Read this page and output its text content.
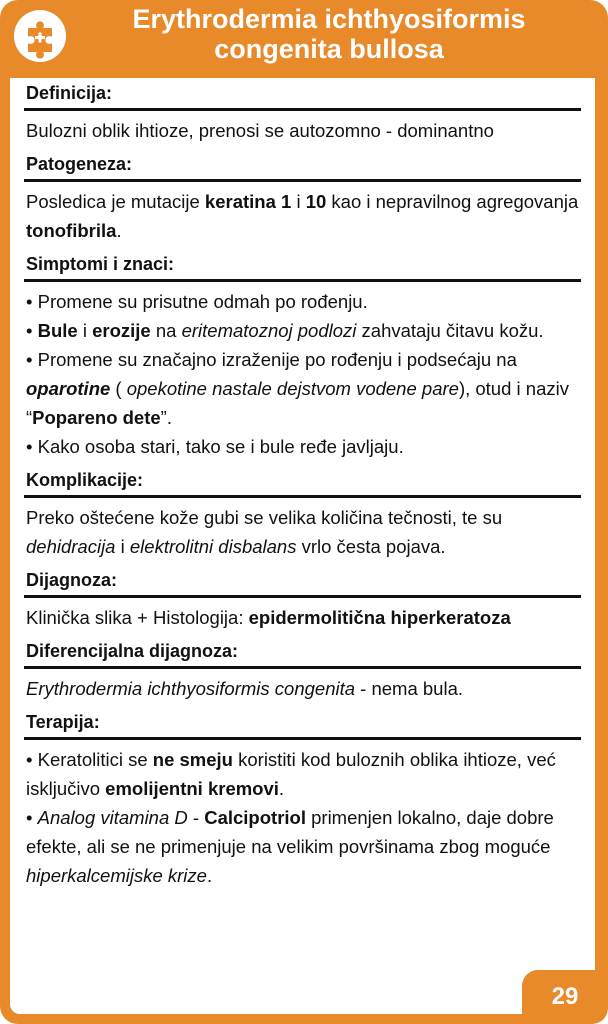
Erythrodermia ichthyosiformis
congenita bullosa
Definicija:

Bulozni oblik ihtioze, prenosi se autozomno - dominantno

Patogeneza:

Posledica je mutacije keratina 1 i 10 kao i nepravilnog agregovanja tonofibrila.

Simptomi i znaci:

• Promene su prisutne odmah po rođenju.

• Bule i erozije na eritematoznoj podlozi zahvataju čitavu kožu.

• Promene su značajno izraženije po rođenju i podsećaju na oparotine ( opekotine nastale dejstvom vodene pare), otud i naziv “Popareno dete”.

• Kako osoba stari, tako se i bule ređe javljaju.

Komplikacije:

Preko oštećene kože gubi se velika količina tečnosti, te su dehidracija i elektrolitni disbalans vrlo česta pojava.

Dijagnoza:

Klinička slika + Histologija: epidermolitična hiperkeratoza

Diferencijalna dijagnoza:

Erythrodermia ichthyosiformis congenita - nema bula.

Terapija:

• Keratolitici se ne smeju koristiti kod buloznih oblika ihtioze, već isključivo emolijentni kremovi.

• Analog vitamina D - Calcipotriol primenjen lokalno, daje dobre efekte, ali se ne primenjuje na velikim površinama zbog moguće hiperkalcemijske krize.

29
